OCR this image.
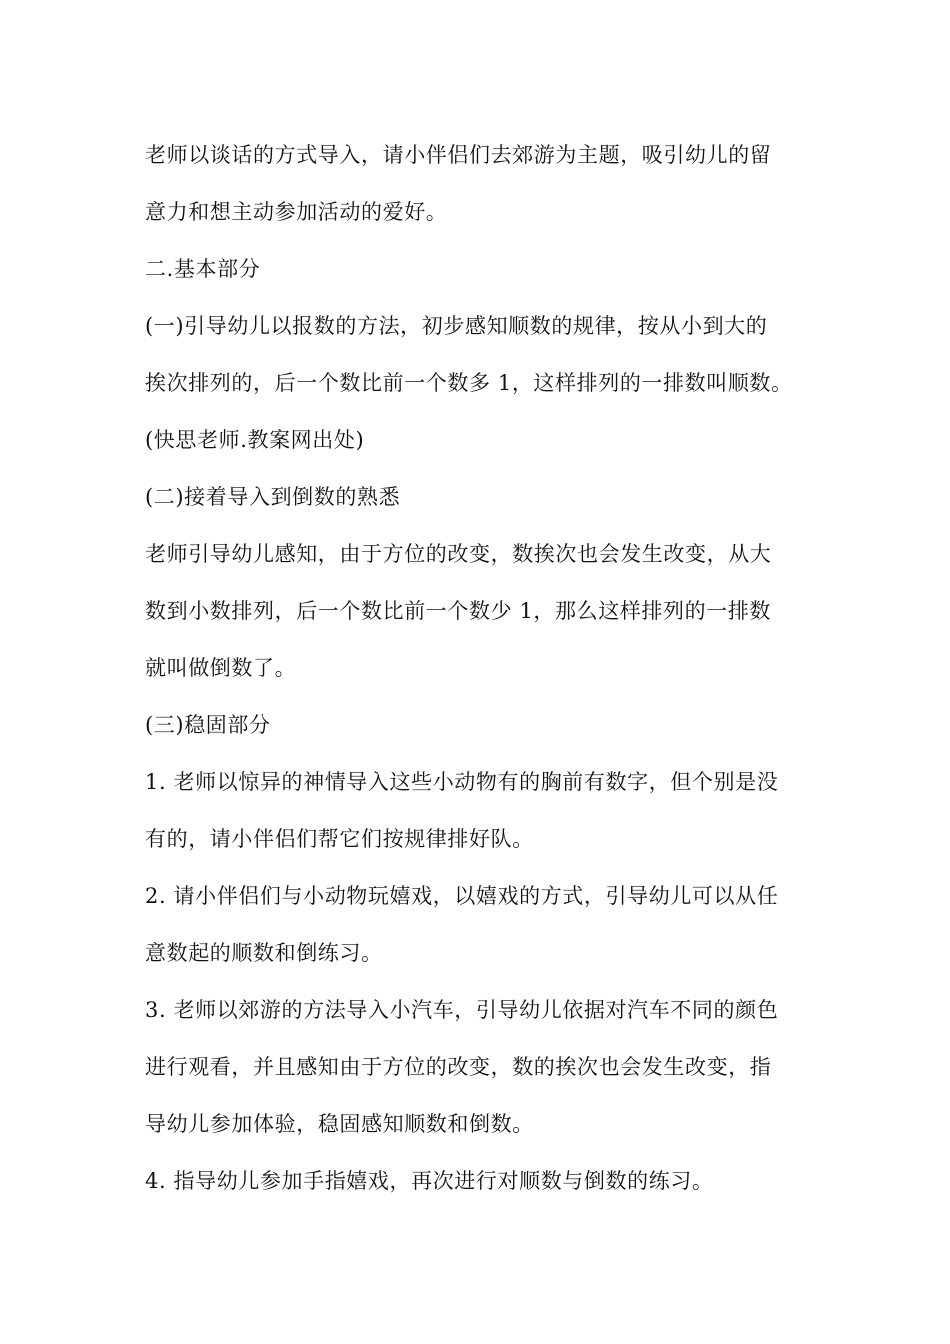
老师以谈话的方式导入，请小伴侣们去郊游为主题，吸引幼儿的留
意力和想主动参加活动的爱好。
二.基本部分
(一)引导幼儿以报数的方法，初步感知顺数的规律，按从小到大的
挨次排列的，后一个数比前一个数多 1，这样排列的一排数叫顺数。
(快思老师.教案网出处)
(二)接着导入到倒数的熟悉
老师引导幼儿感知，由于方位的改变，数挨次也会发生改变，从大
数到小数排列，后一个数比前一个数少 1，那么这样排列的一排数
就叫做倒数了。
(三)稳固部分
1. 老师以惊异的神情导入这些小动物有的胸前有数字，但个别是没
有的，请小伴侣们帮它们按规律排好队。
2. 请小伴侣们与小动物玩嬉戏，以嬉戏的方式，引导幼儿可以从任
意数起的顺数和倒练习。
3. 老师以郊游的方法导入小汽车，引导幼儿依据对汽车不同的颜色
进行观看，并且感知由于方位的改变，数的挨次也会发生改变，指
导幼儿参加体验，稳固感知顺数和倒数。
4. 指导幼儿参加手指嬉戏，再次进行对顺数与倒数的练习。
